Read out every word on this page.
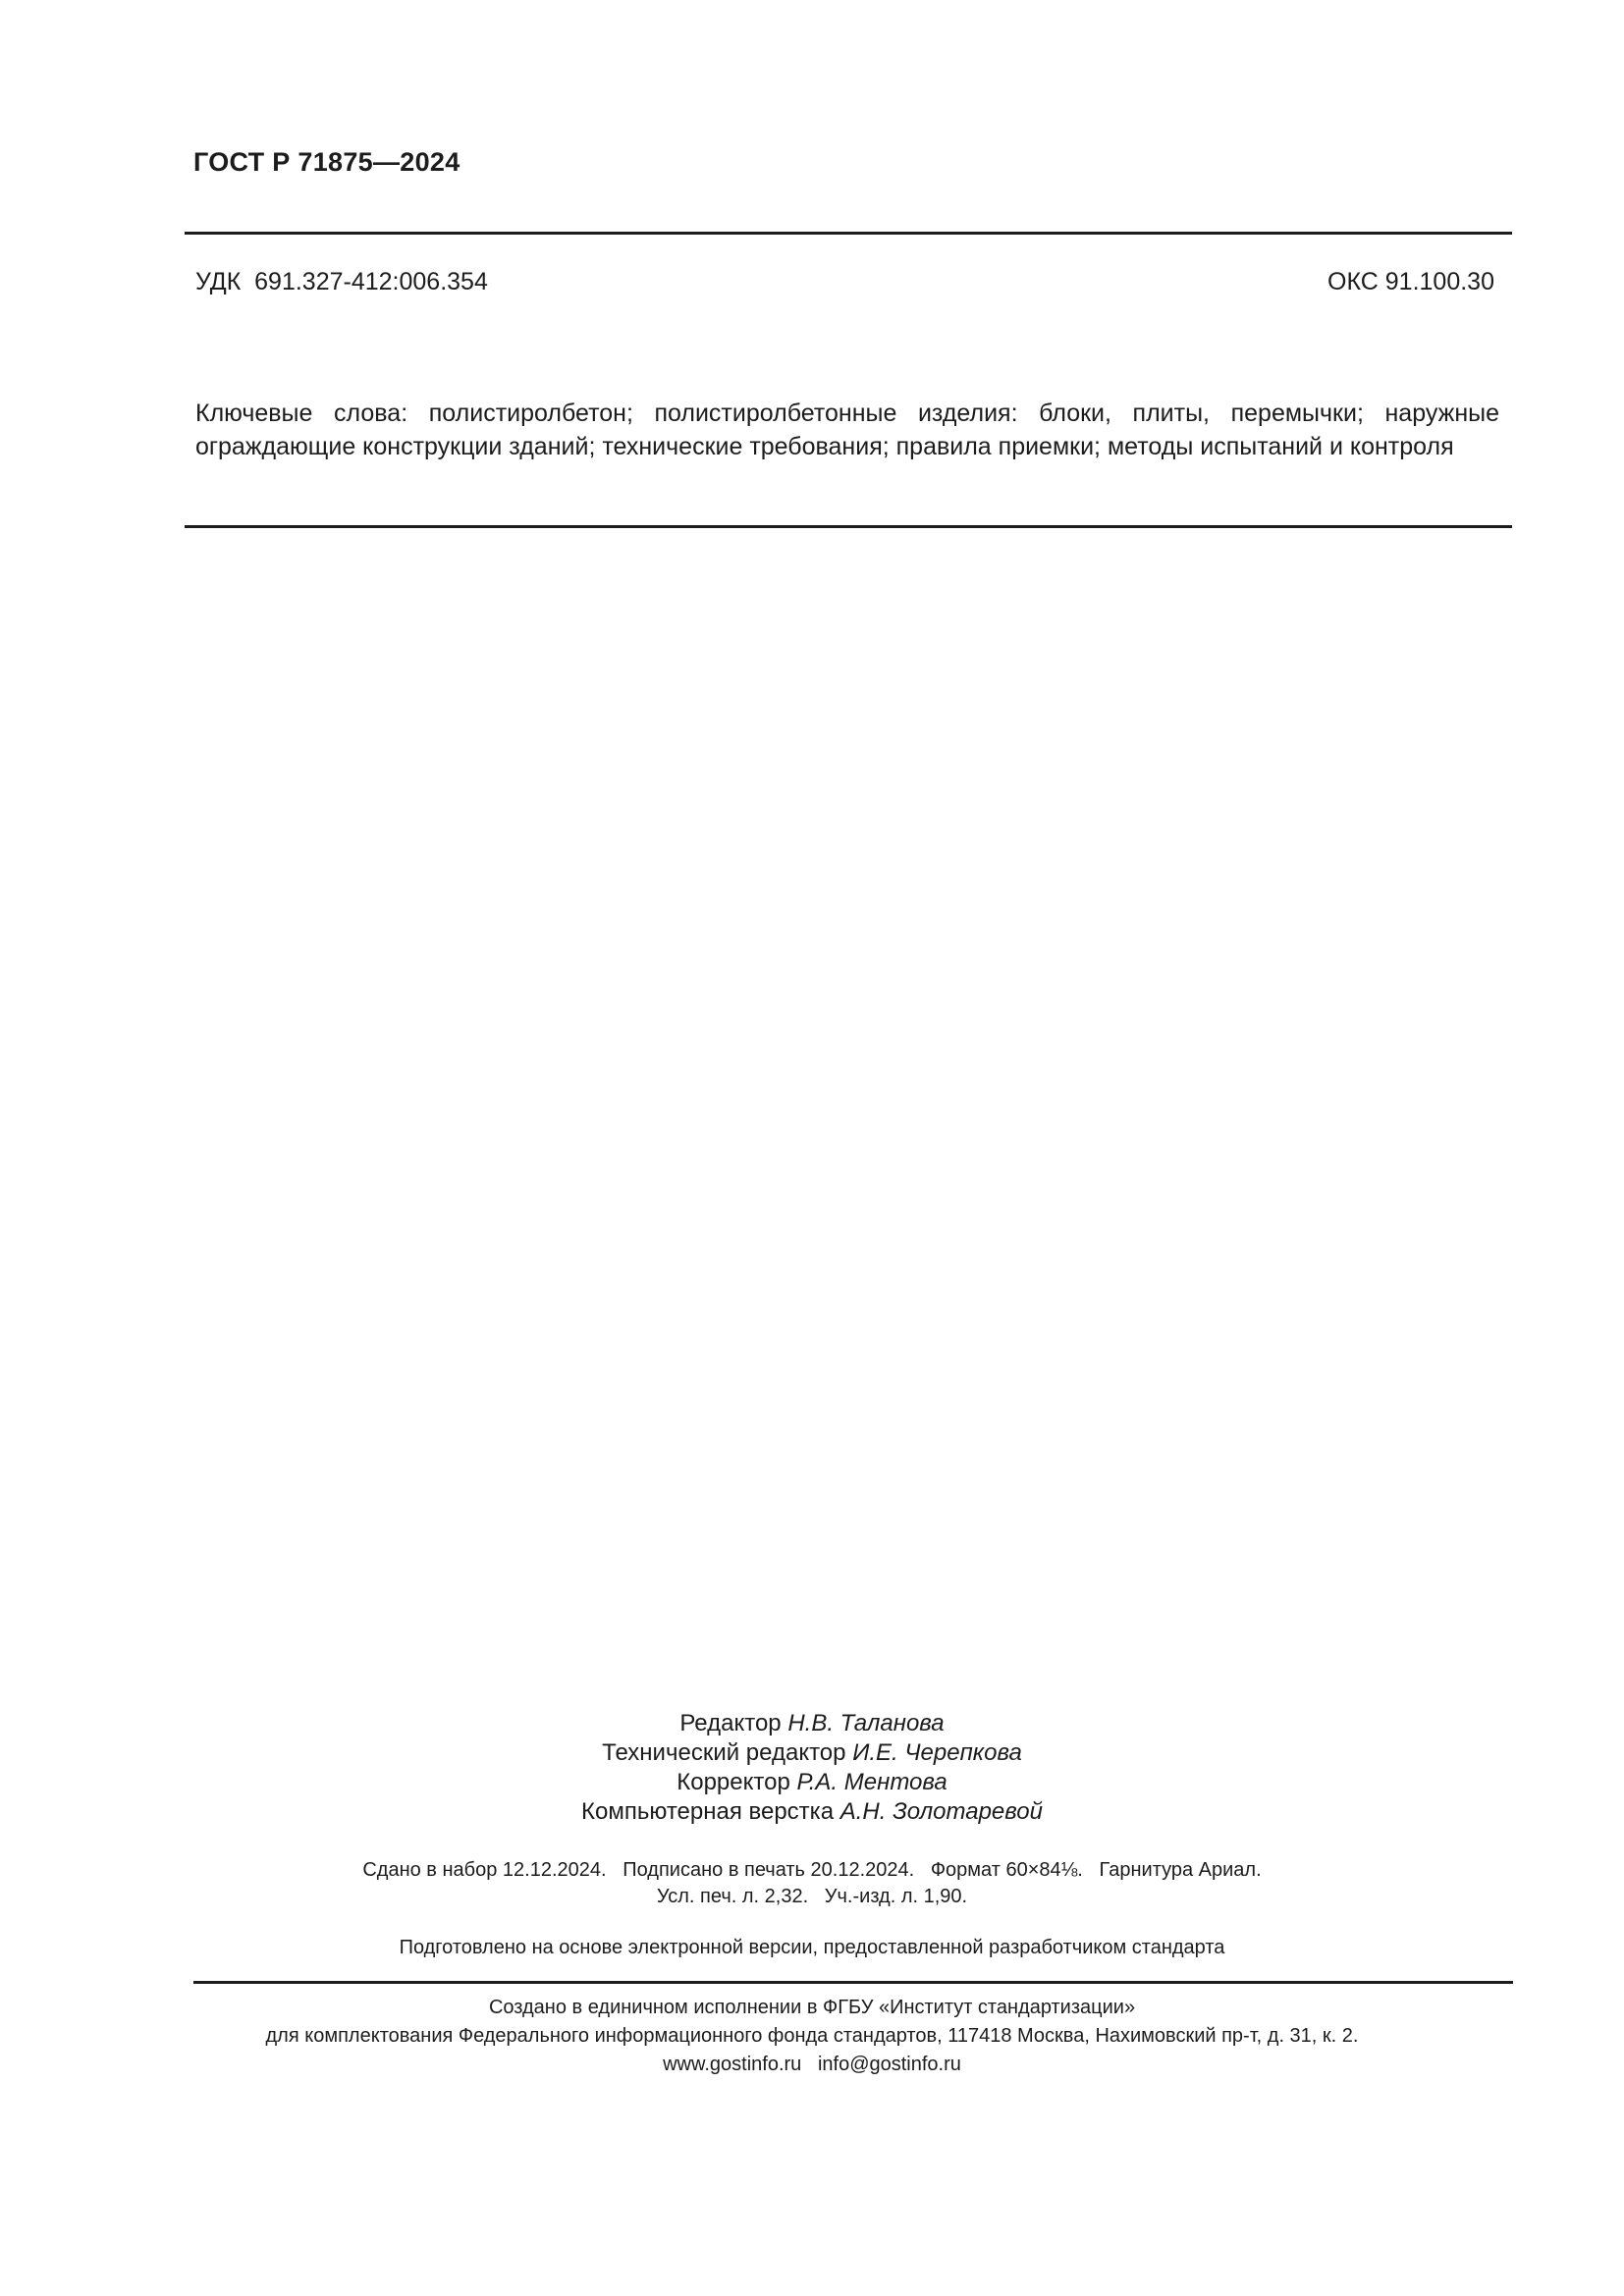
ГОСТ Р 71875—2024
УДК  691.327-412:006.354	ОКС 91.100.30
Ключевые слова: полистиролбетон; полистиролбетонные изделия: блоки, плиты, перемычки; наружные ограждающие конструкции зданий; технические требования; правила приемки; методы испытаний и контроля
Редактор Н.В. Таланова
Технический редактор И.Е. Черепкова
Корректор Р.А. Ментова
Компьютерная верстка А.Н. Золотаревой
Сдано в набор 12.12.2024.   Подписано в печать 20.12.2024.   Формат 60×84⅛.   Гарнитура Ариал.
Усл. печ. л. 2,32.   Уч.-изд. л. 1,90.
Подготовлено на основе электронной версии, предоставленной разработчиком стандарта
Создано в единичном исполнении в ФГБУ «Институт стандартизации»
для комплектования Федерального информационного фонда стандартов, 117418 Москва, Нахимовский пр-т, д. 31, к. 2.
www.gostinfo.ru info@gostinfo.ru
